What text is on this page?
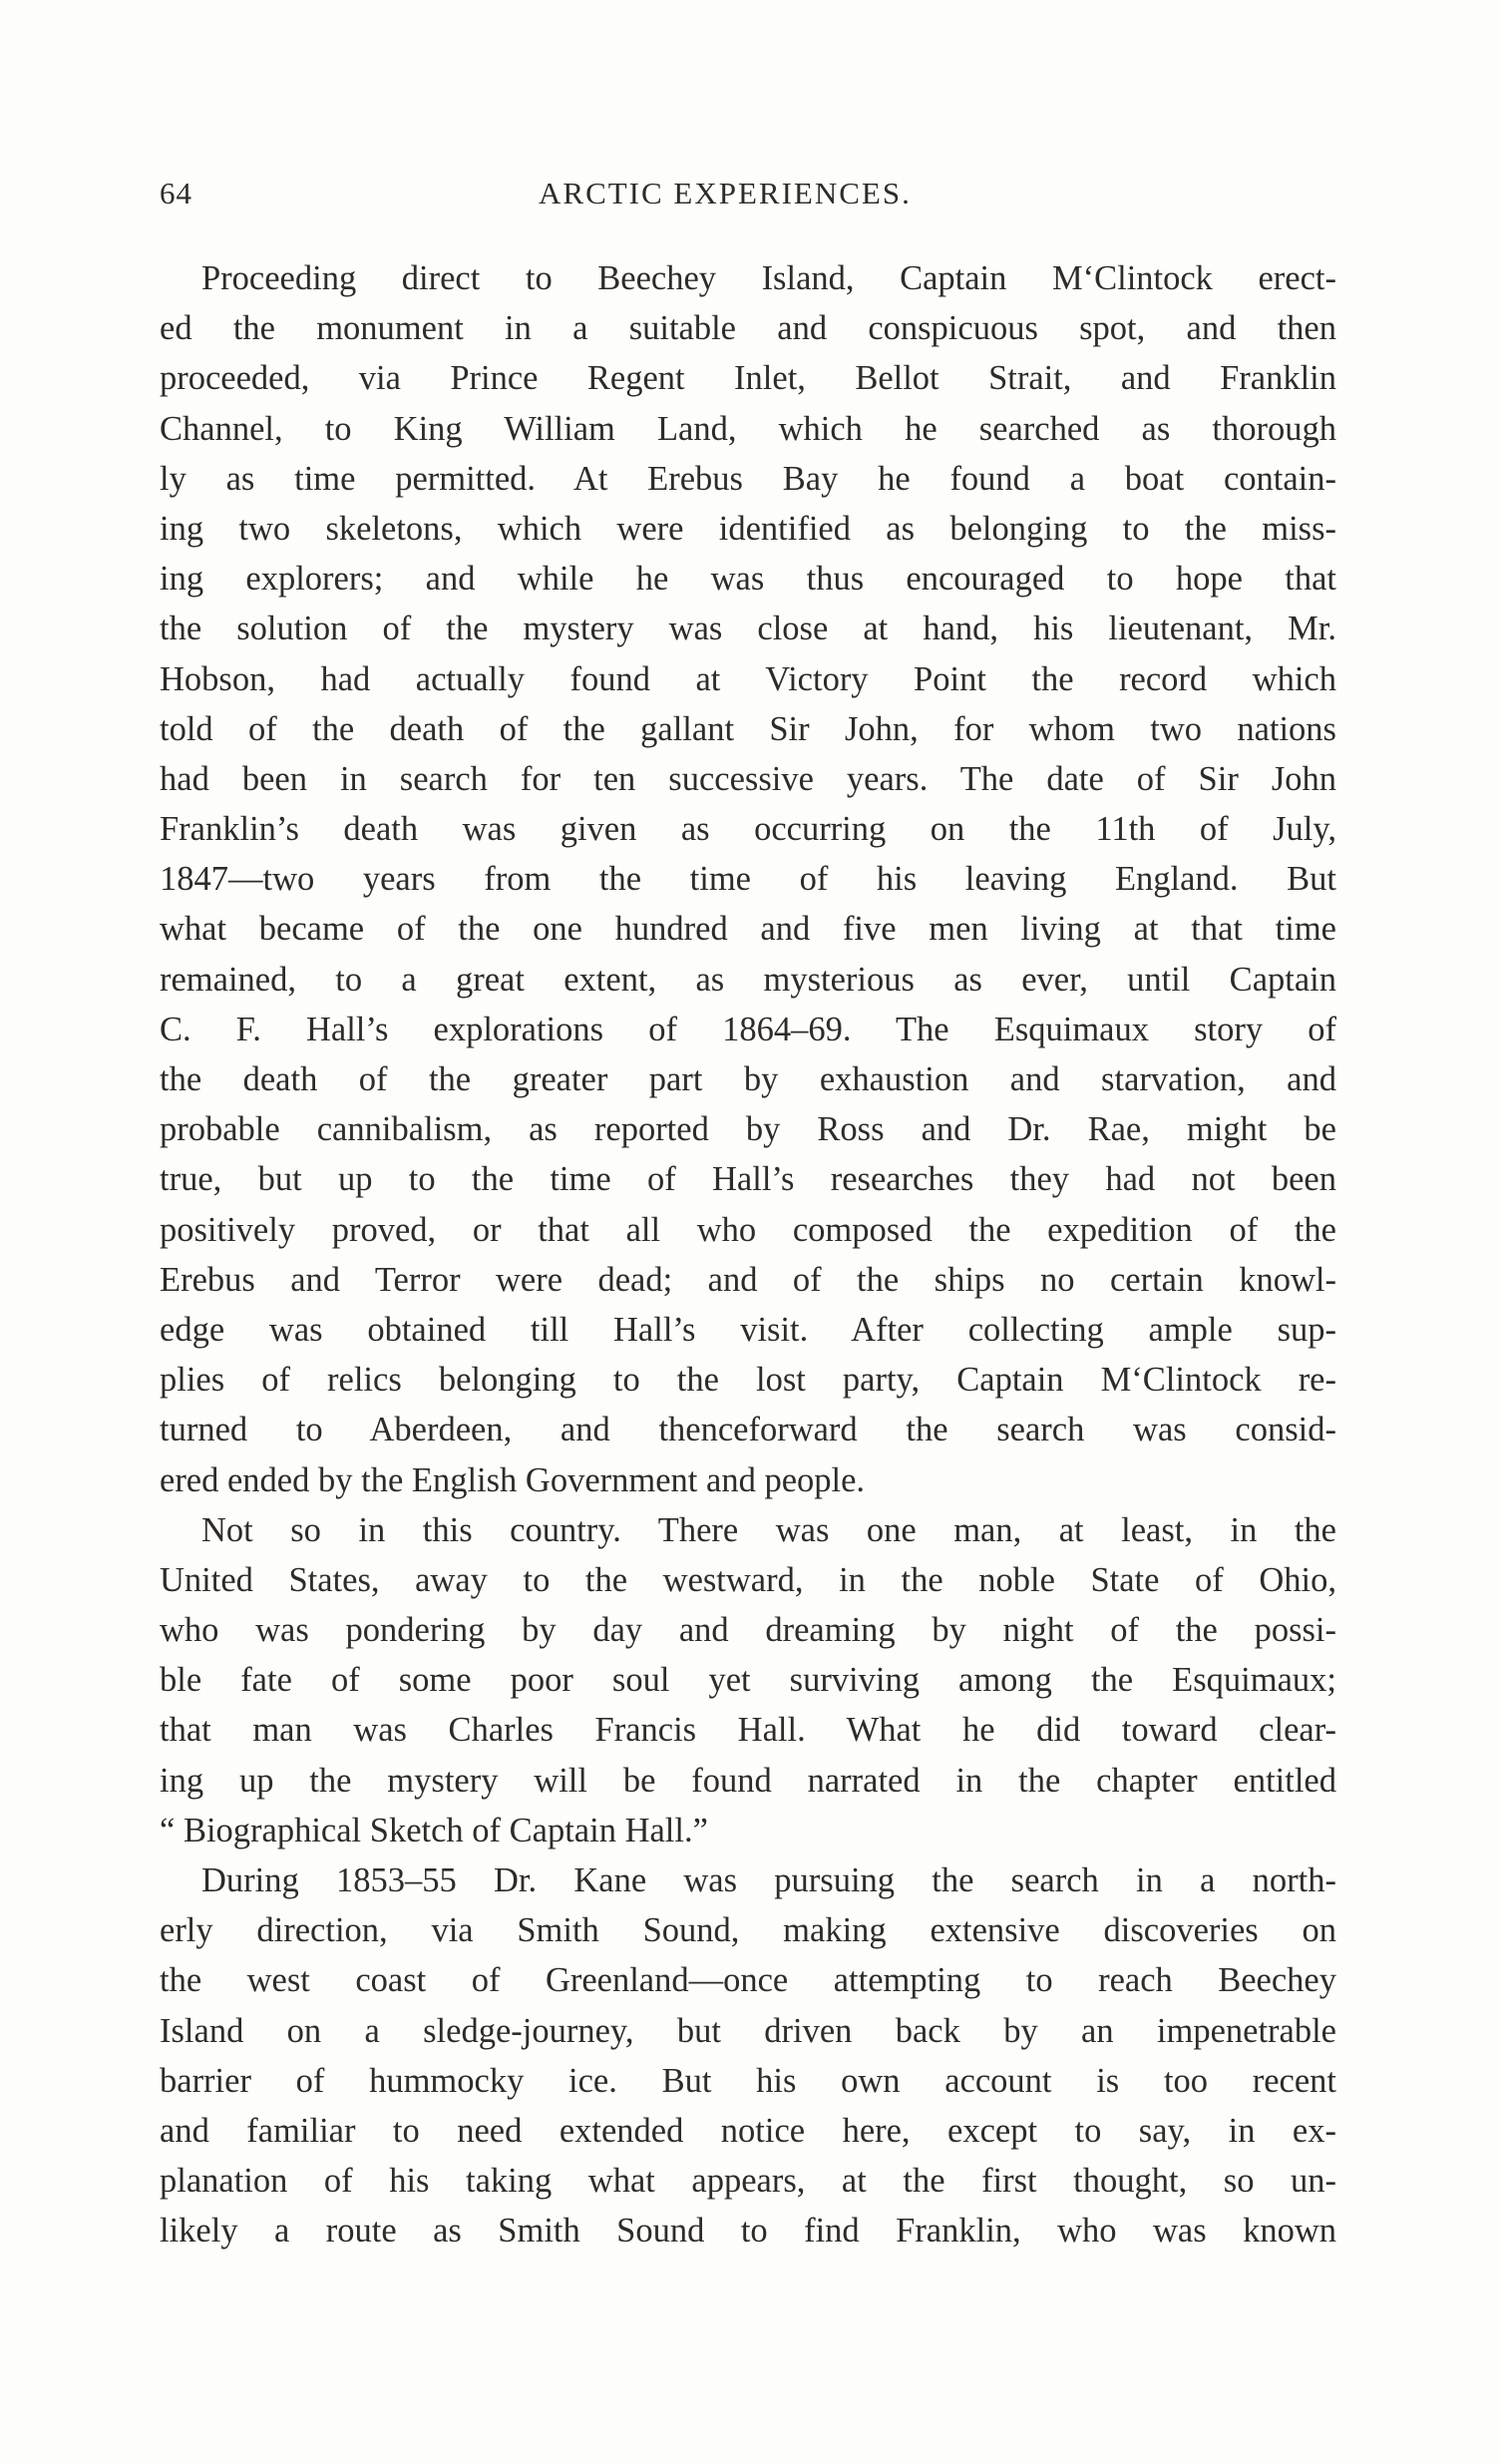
64	ARCTIC EXPERIENCES.
Proceeding direct to Beechey Island, Captain M‘Clintock erect-
ed the monument in a suitable and conspicuous spot, and then
proceeded, via Prince Regent Inlet, Bellot Strait, and Franklin
Channel, to King William Land, which he searched as thorough
ly as time permitted. At Erebus Bay he found a boat contain-
ing two skeletons, which were identified as belonging to the miss-
ing explorers; and while he was thus encouraged to hope that
the solution of the mystery was close at hand, his lieutenant, Mr.
Hobson, had actually found at Victory Point the record which
told of the death of the gallant Sir John, for whom two nations
had been in search for ten successive years. The date of Sir John
Franklin’s death was given as occurring on the 11th of July,
1847—two years from the time of his leaving England. But
what became of the one hundred and five men living at that time
remained, to a great extent, as mysterious as ever, until Captain
C. F. Hall’s explorations of 1864–69. The Esquimaux story of
the death of the greater part by exhaustion and starvation, and
probable cannibalism, as reported by Ross and Dr. Rae, might be
true, but up to the time of Hall’s researches they had not been
positively proved, or that all who composed the expedition of the
Erebus and Terror were dead; and of the ships no certain knowl-
edge was obtained till Hall’s visit. After collecting ample sup-
plies of relics belonging to the lost party, Captain M‘Clintock re-
turned to Aberdeen, and thenceforward the search was consid-
ered ended by the English Government and people.
Not so in this country. There was one man, at least, in the
United States, away to the westward, in the noble State of Ohio,
who was pondering by day and dreaming by night of the possi-
ble fate of some poor soul yet surviving among the Esquimaux;
that man was Charles Francis Hall. What he did toward clear-
ing up the mystery will be found narrated in the chapter entitled
“ Biographical Sketch of Captain Hall.”
During 1853–55 Dr. Kane was pursuing the search in a north-
erly direction, via Smith Sound, making extensive discoveries on
the west coast of Greenland—once attempting to reach Beechey
Island on a sledge-journey, but driven back by an impenetrable
barrier of hummocky ice. But his own account is too recent
and familiar to need extended notice here, except to say, in ex-
planation of his taking what appears, at the first thought, so un-
likely a route as Smith Sound to find Franklin, who was known
